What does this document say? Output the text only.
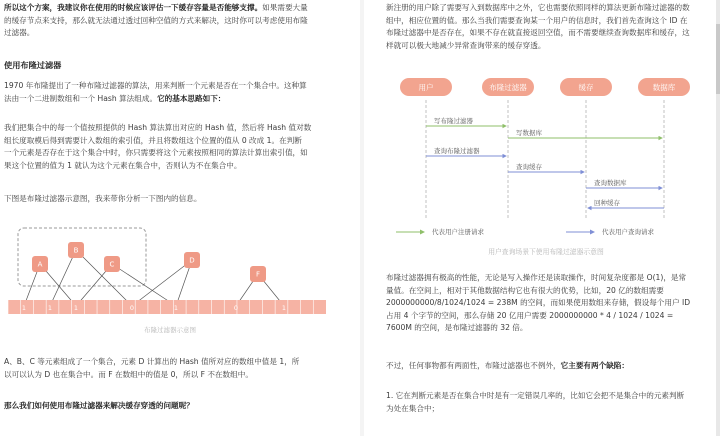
所以这个方案，我建议你在使用的时候应该评估一下缓存容量是否能够支撑。如果需要大量
的缓存节点来支持，那么就无法通过透过回种空值的方式来解决，这时你可以考虑使用布隆
过滤器。

使用布隆过滤器

1970 年布隆提出了一种布隆过滤器的算法，用来判断一个元素是否在一个集合中。这种算
法由一个二进制数组和一个 Hash 算法组成。它的基本思路如下：

我们把集合中的每一个值按照提供的 Hash 算法算出对应的 Hash 值，然后将 Hash 值对数
组长度取模后得到需要计入数组的索引值，并且将数组这个位置的值从 0 改成 1。在判断
一个元素是否存在于这个集合中时，你只需要将这个元素按照相同的算法计算出索引值，如
果这个位置的值为 1 就认为这个元素在集合中，否则认为不在集合中。

下图是布隆过滤器示意图，我来带你分析一下图内的信息。

A
B
C	D
F
1	1	1	0	1	0	1
布隆过滤器示意图

A、B、C 等元素组成了一个集合，元素 D 计算出的 Hash 值所对应的数组中值是 1，所
以可以认为 D 也在集合中。而 F 在数组中的值是 0，所以 F 不在数组中。

那么我们如何使用布隆过滤器来解决缓存穿透的问题呢？

新注册的用户除了需要写入到数据库中之外，它也需要依照同样的算法更新布隆过滤器的数
组中，相应位置的值。那么当我们需要查询某一个用户的信息时，我们首先查询这个 ID 在
布隆过滤器中是否存在，如果不存在就直接返回空值，而不需要继续查询数据库和缓存，这
样就可以极大地减少异常查询带来的缓存穿透。

用户	布隆过滤器	缓存	数据库
写布隆过滤器
写数据库
查询布隆过滤器
查询缓存
查询数据库
回种缓存
代表用户注册请求	代表用户查询请求
用户查询场景下使用布隆过滤器示意图

布隆过滤器拥有极高的性能，无论是写入操作还是读取操作，时间复杂度都是 O(1)，是常
量值。在空间上，相对于其他数据结构它也有很大的优势，比如，20 亿的数组需要
2000000000/8/1024/1024 = 238M 的空间，而如果使用数组来存储，假设每个用户 ID
占用 4 个字节的空间，那么存储 20 亿用户需要 2000000000 * 4 / 1024 / 1024 =
7600M 的空间，是布隆过滤器的 32 倍。

不过，任何事物都有两面性，布隆过滤器也不例外，它主要有两个缺陷：

1. 它在判断元素是否在集合中时是有一定错误几率的，比如它会把不是集合中的元素判断
为处在集合中；
